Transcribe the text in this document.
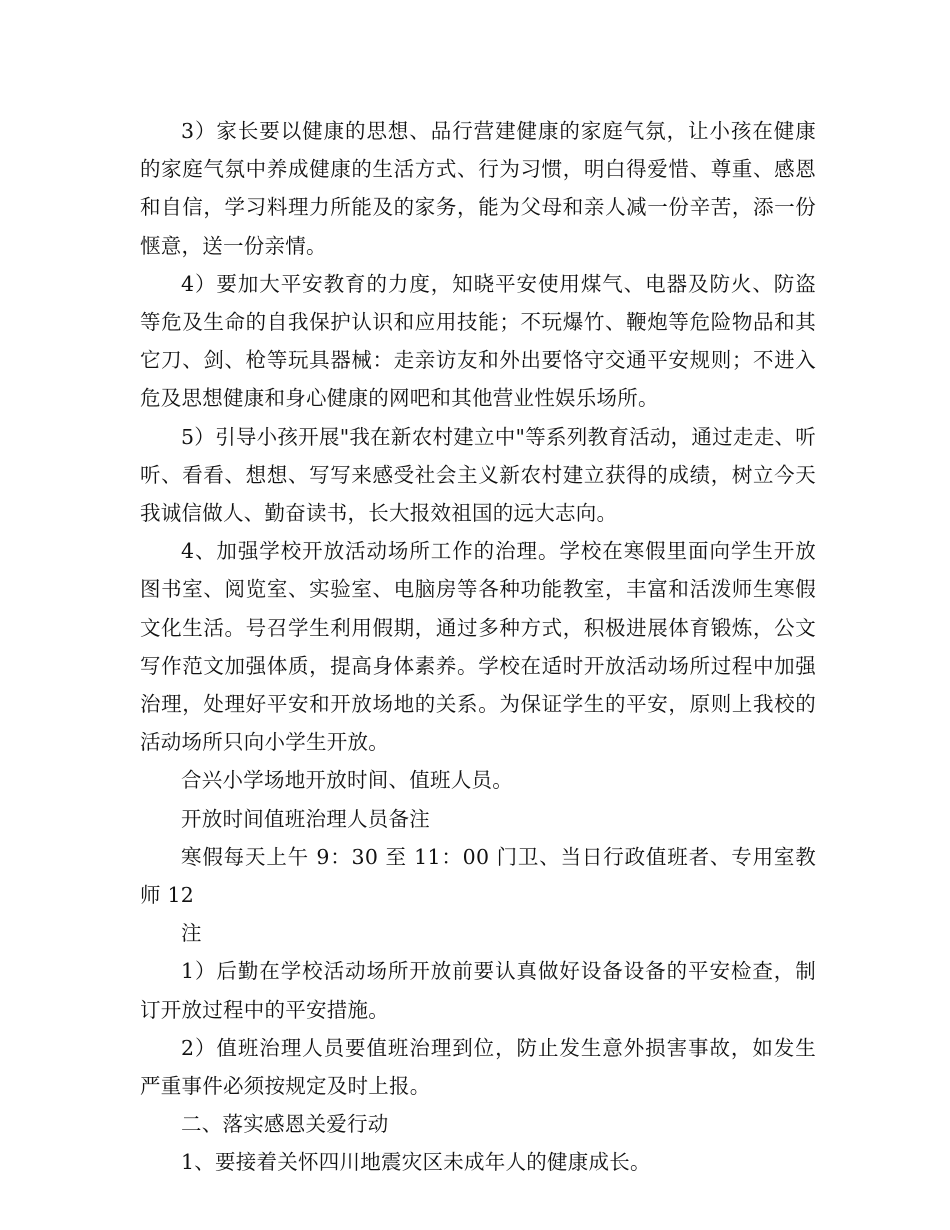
3）家长要以健康的思想、品行营建健康的家庭气氛，让小孩在健康的家庭气氛中养成健康的生活方式、行为习惯，明白得爱惜、尊重、感恩和自信，学习料理力所能及的家务，能为父母和亲人减一份辛苦，添一份惬意，送一份亲情。

4）要加大平安教育的力度，知晓平安使用煤气、电器及防火、防盗等危及生命的自我保护认识和应用技能；不玩爆竹、鞭炮等危险物品和其它刀、剑、枪等玩具器械：走亲访友和外出要恪守交通平安规则；不进入危及思想健康和身心健康的网吧和其他营业性娱乐场所。

5）引导小孩开展"我在新农村建立中"等系列教育活动，通过走走、听听、看看、想想、写写来感受社会主义新农村建立获得的成绩，树立今天我诚信做人、勤奋读书，长大报效祖国的远大志向。

4、加强学校开放活动场所工作的治理。学校在寒假里面向学生开放图书室、阅览室、实验室、电脑房等各种功能教室，丰富和活泼师生寒假文化生活。号召学生利用假期，通过多种方式，积极进展体育锻炼，公文写作范文加强体质，提高身体素养。学校在适时开放活动场所过程中加强治理，处理好平安和开放场地的关系。为保证学生的平安，原则上我校的活动场所只向小学生开放。

合兴小学场地开放时间、值班人员。

开放时间值班治理人员备注

寒假每天上午 9：30 至 11：00 门卫、当日行政值班者、专用室教师 12

注

1）后勤在学校活动场所开放前要认真做好设备设备的平安检查，制订开放过程中的平安措施。

2）值班治理人员要值班治理到位，防止发生意外损害事故，如发生严重事件必须按规定及时上报。

二、落实感恩关爱行动

1、要接着关怀四川地震灾区未成年人的健康成长。
